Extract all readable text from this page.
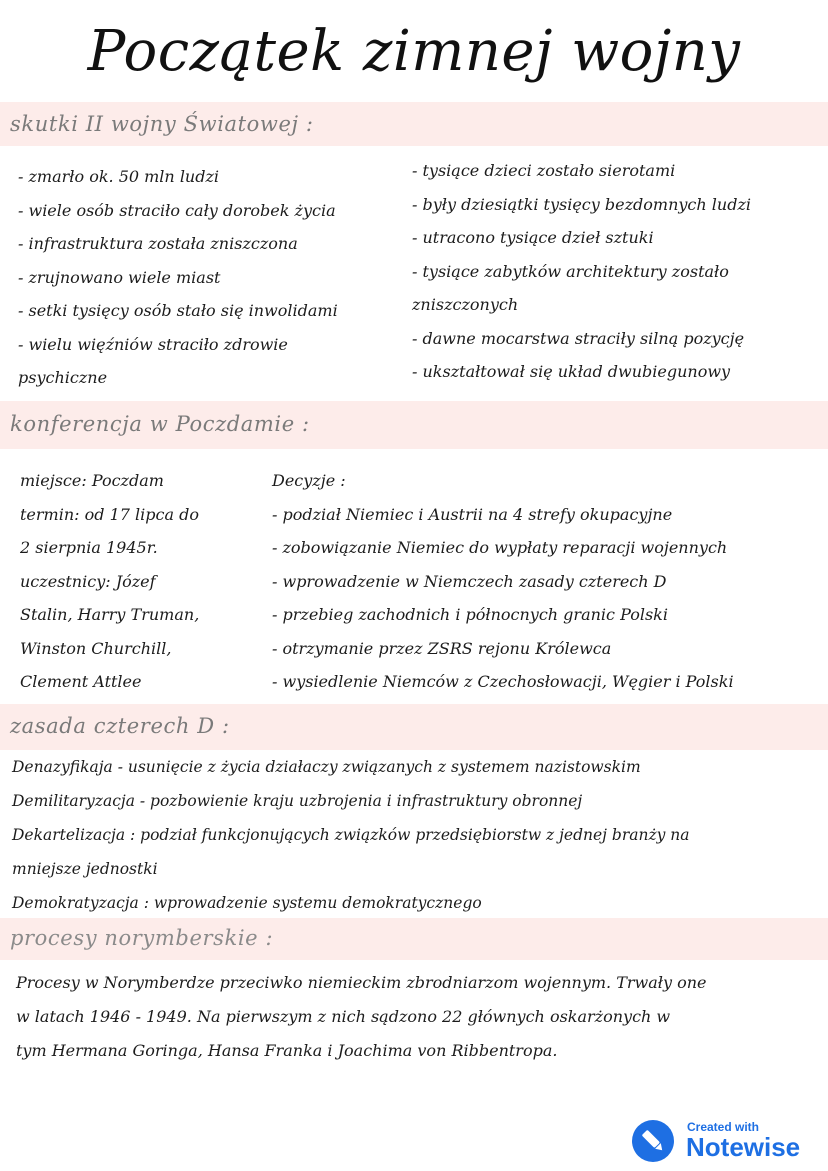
Początek zimnej wojny
skutki II wojny Światowej :
- zmarło ok. 50 mln ludzi
- wiele osób straciło cały dorobek życia
- infrastruktura została zniszczona
- zrujnowano wiele miast
- setki tysięcy osób stało się inwolidami
- wielu więźniów straciło zdrowie
psychiczne
- tysiące dzieci zostało sierotami
- były dziesiątki tysięcy bezdomnych ludzi
- utracono tysiące dzieł sztuki
- tysiące zabytków architektury zostało
zniszczonych
- dawne mocarstwa straciły silną pozycję
- ukształtował się układ dwubiegunowy
konferencja w Poczdamie :
miejsce: Poczdam
termin: od 17 lipca do
2 sierpnia 1945r.
uczestnicy: Józef
Stalin, Harry Truman,
Winston Churchill,
Clement Attlee
Decyzje :
- podział Niemiec i Austrii na 4 strefy okupacyjne
- zobowiązanie Niemiec do wypłaty reparacji wojennych
- wprowadzenie w Niemczech zasady czterech D
- przebieg zachodnich i północnych granic Polski
- otrzymanie przez ZSRS rejonu Królewca
- wysiedlenie Niemców z Czechosłowacji, Węgier i Polski
zasada czterech D :
Denazyfikaja - usunięcie z życia działaczy związanych z systemem nazistowskim
Demilitaryzacja - pozbowienie kraju uzbrojenia i infrastruktury obronnej
Dekartelizacja : podział funkcjonujących związków przedsiębiorstw z jednej branży na
mniejsze jednostki
Demokratyzacja : wprowadzenie systemu demokratycznego
procesy norymberskie :
Procesy w Norymberdze przeciwko niemieckim zbrodniarzom wojennym. Trwały one
w latach 1946 - 1949. Na pierwszym z nich sądzono 22 głównych oskarżonych w
tym Hermana Goringa, Hansa Franka i Joachima von Ribbentropa.
Created with
Notewise
